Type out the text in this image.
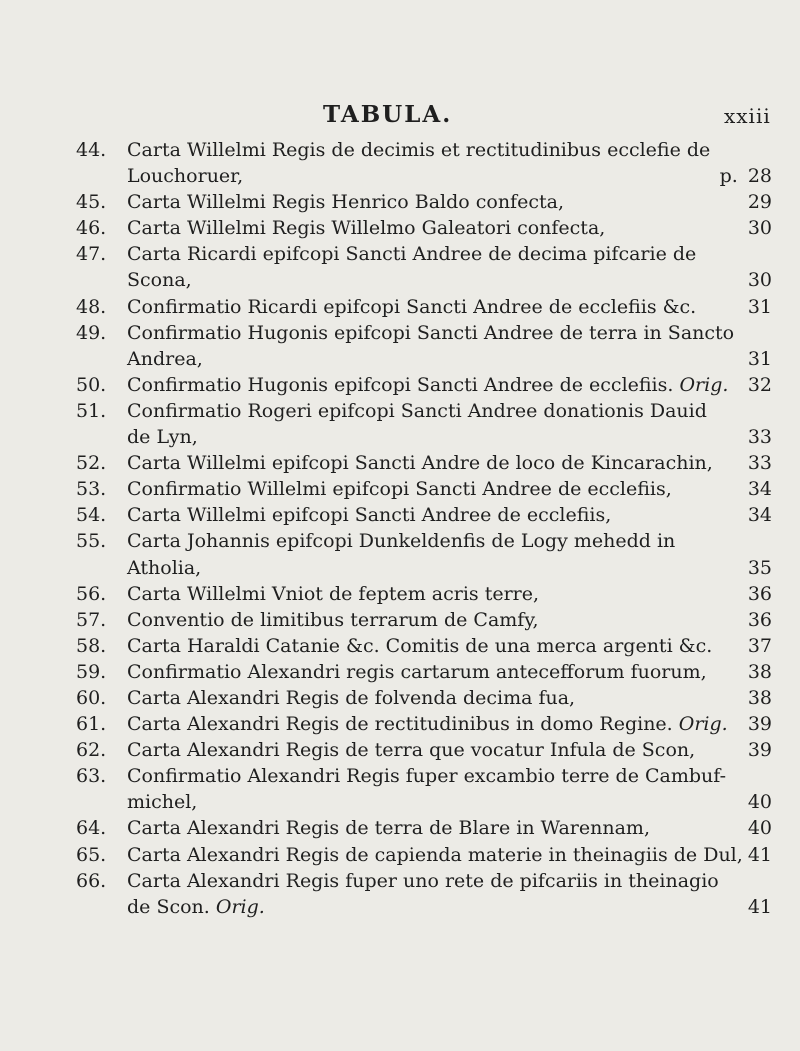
TABULA.	xxiii
44.	Carta Willelmi Regis de decimis et rectitudinibus ecclefie de
Louchoruer,	p. 28
45.	Carta Willelmi Regis Henrico Baldo confecta,	29
46.	Carta Willelmi Regis Willelmo Galeatori confecta,	30
47.	Carta Ricardi epifcopi Sancti Andree de decima pifcarie de
Scona,	30
48.	Confirmatio Ricardi epifcopi Sancti Andree de ecclefiis &c.	31
49.	Confirmatio Hugonis epifcopi Sancti Andree de terra in Sancto
Andrea,	31
50.	Confirmatio Hugonis epifcopi Sancti Andree de ecclefiis. Orig. 32
51.	Confirmatio Rogeri epifcopi Sancti Andree donationis Dauid
de Lyn,	33
52.	Carta Willelmi epifcopi Sancti Andre de loco de Kincarachin, 33
53.	Confirmatio Willelmi epifcopi Sancti Andree de ecclefiis,	34
54.	Carta Willelmi epifcopi Sancti Andree de ecclefiis,	34
55.	Carta Johannis epifcopi Dunkeldenfis de Logy mehedd in
Atholia,	35
56.	Carta Willelmi Vniot de feptem acris terre,	36
57.	Conventio de limitibus terrarum de Camfy,	36
58.	Carta Haraldi Catanie &c. Comitis de una merca argenti &c. 37
59.	Confirmatio Alexandri regis cartarum antecefforum fuorum, 38
60.	Carta Alexandri Regis de folvenda decima fua,	38
61.	Carta Alexandri Regis de rectitudinibus in domo Regine. Orig. 39
62.	Carta Alexandri Regis de terra que vocatur Infula de Scon,	39
63.	Confirmatio Alexandri Regis fuper excambio terre de Cambuf-
michel,	40
64.	Carta Alexandri Regis de terra de Blare in Warennam,	40
65.	Carta Alexandri Regis de capienda materie in theinagiis de Dul, 41
66.	Carta Alexandri Regis fuper uno rete de pifcariis in theinagio
de Scon. Orig.	41
